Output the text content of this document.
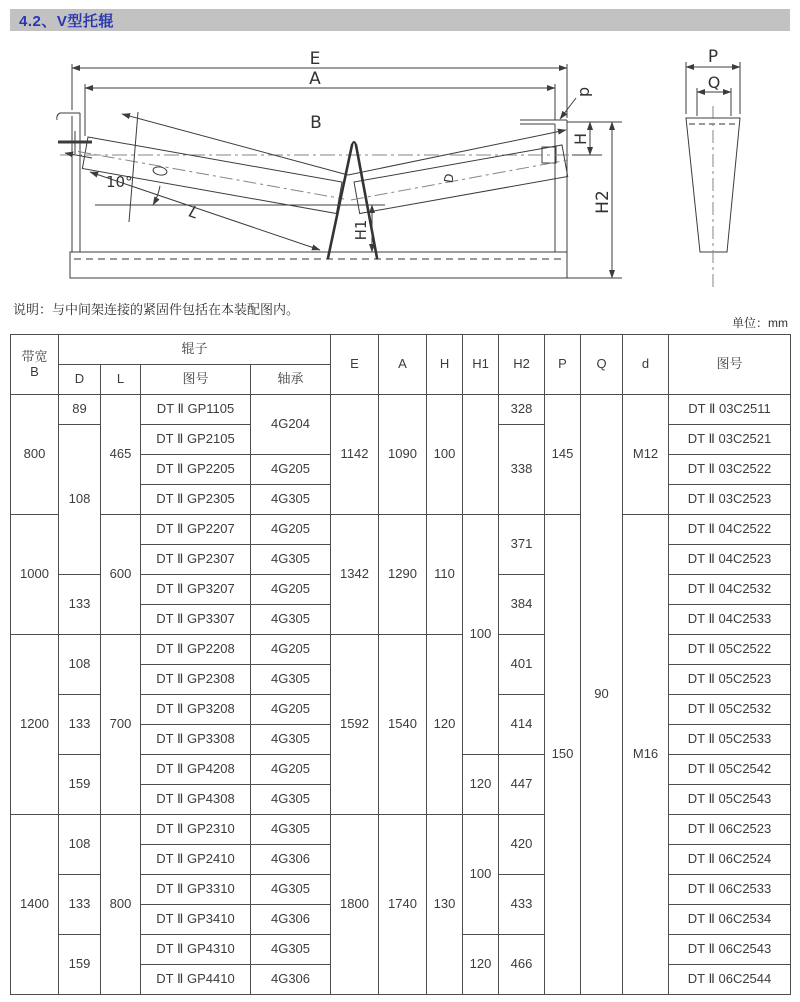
4.2、V型托辊
E
A
B
d
10°
L
H1
H
H2
P
Q
D
说明：与中间架连接的紧固件包括在本装配图内。
单位：mm
带宽
B	辊子				E	A	H	H1	H2	P	Q	d	图号
	D	L	图号	轴承									
800	89	465	DT Ⅱ GP1105	4G204	1142	1090	100		328	145	90	M12	DT Ⅱ 03C2511
	108		DT Ⅱ GP2105						338				DT Ⅱ 03C2521
			DT Ⅱ GP2205	4G205									DT Ⅱ 03C2522
			DT Ⅱ GP2305	4G305									DT Ⅱ 03C2523
1000		600	DT Ⅱ GP2207	4G205	1342	1290	110	100	371	150		M16	DT Ⅱ 04C2522
			DT Ⅱ GP2307	4G305									DT Ⅱ 04C2523
	133		DT Ⅱ GP3207	4G205					384				DT Ⅱ 04C2532
			DT Ⅱ GP3307	4G305									DT Ⅱ 04C2533
1200	108	700	DT Ⅱ GP2208	4G205	1592	1540	120		401				DT Ⅱ 05C2522
			DT Ⅱ GP2308	4G305									DT Ⅱ 05C2523
	133		DT Ⅱ GP3208	4G205					414				DT Ⅱ 05C2532
			DT Ⅱ GP3308	4G305									DT Ⅱ 05C2533
	159		DT Ⅱ GP4208	4G205				120	447				DT Ⅱ 05C2542
			DT Ⅱ GP4308	4G305									DT Ⅱ 05C2543
1400	108	800	DT Ⅱ GP2310	4G305	1800	1740	130	100	420				DT Ⅱ 06C2523
			DT Ⅱ GP2410	4G306									DT Ⅱ 06C2524
	133		DT Ⅱ GP3310	4G305					433				DT Ⅱ 06C2533
			DT Ⅱ GP3410	4G306									DT Ⅱ 06C2534
	159		DT Ⅱ GP4310	4G305				120	466				DT Ⅱ 06C2543
			DT Ⅱ GP4410	4G306									DT Ⅱ 06C2544
